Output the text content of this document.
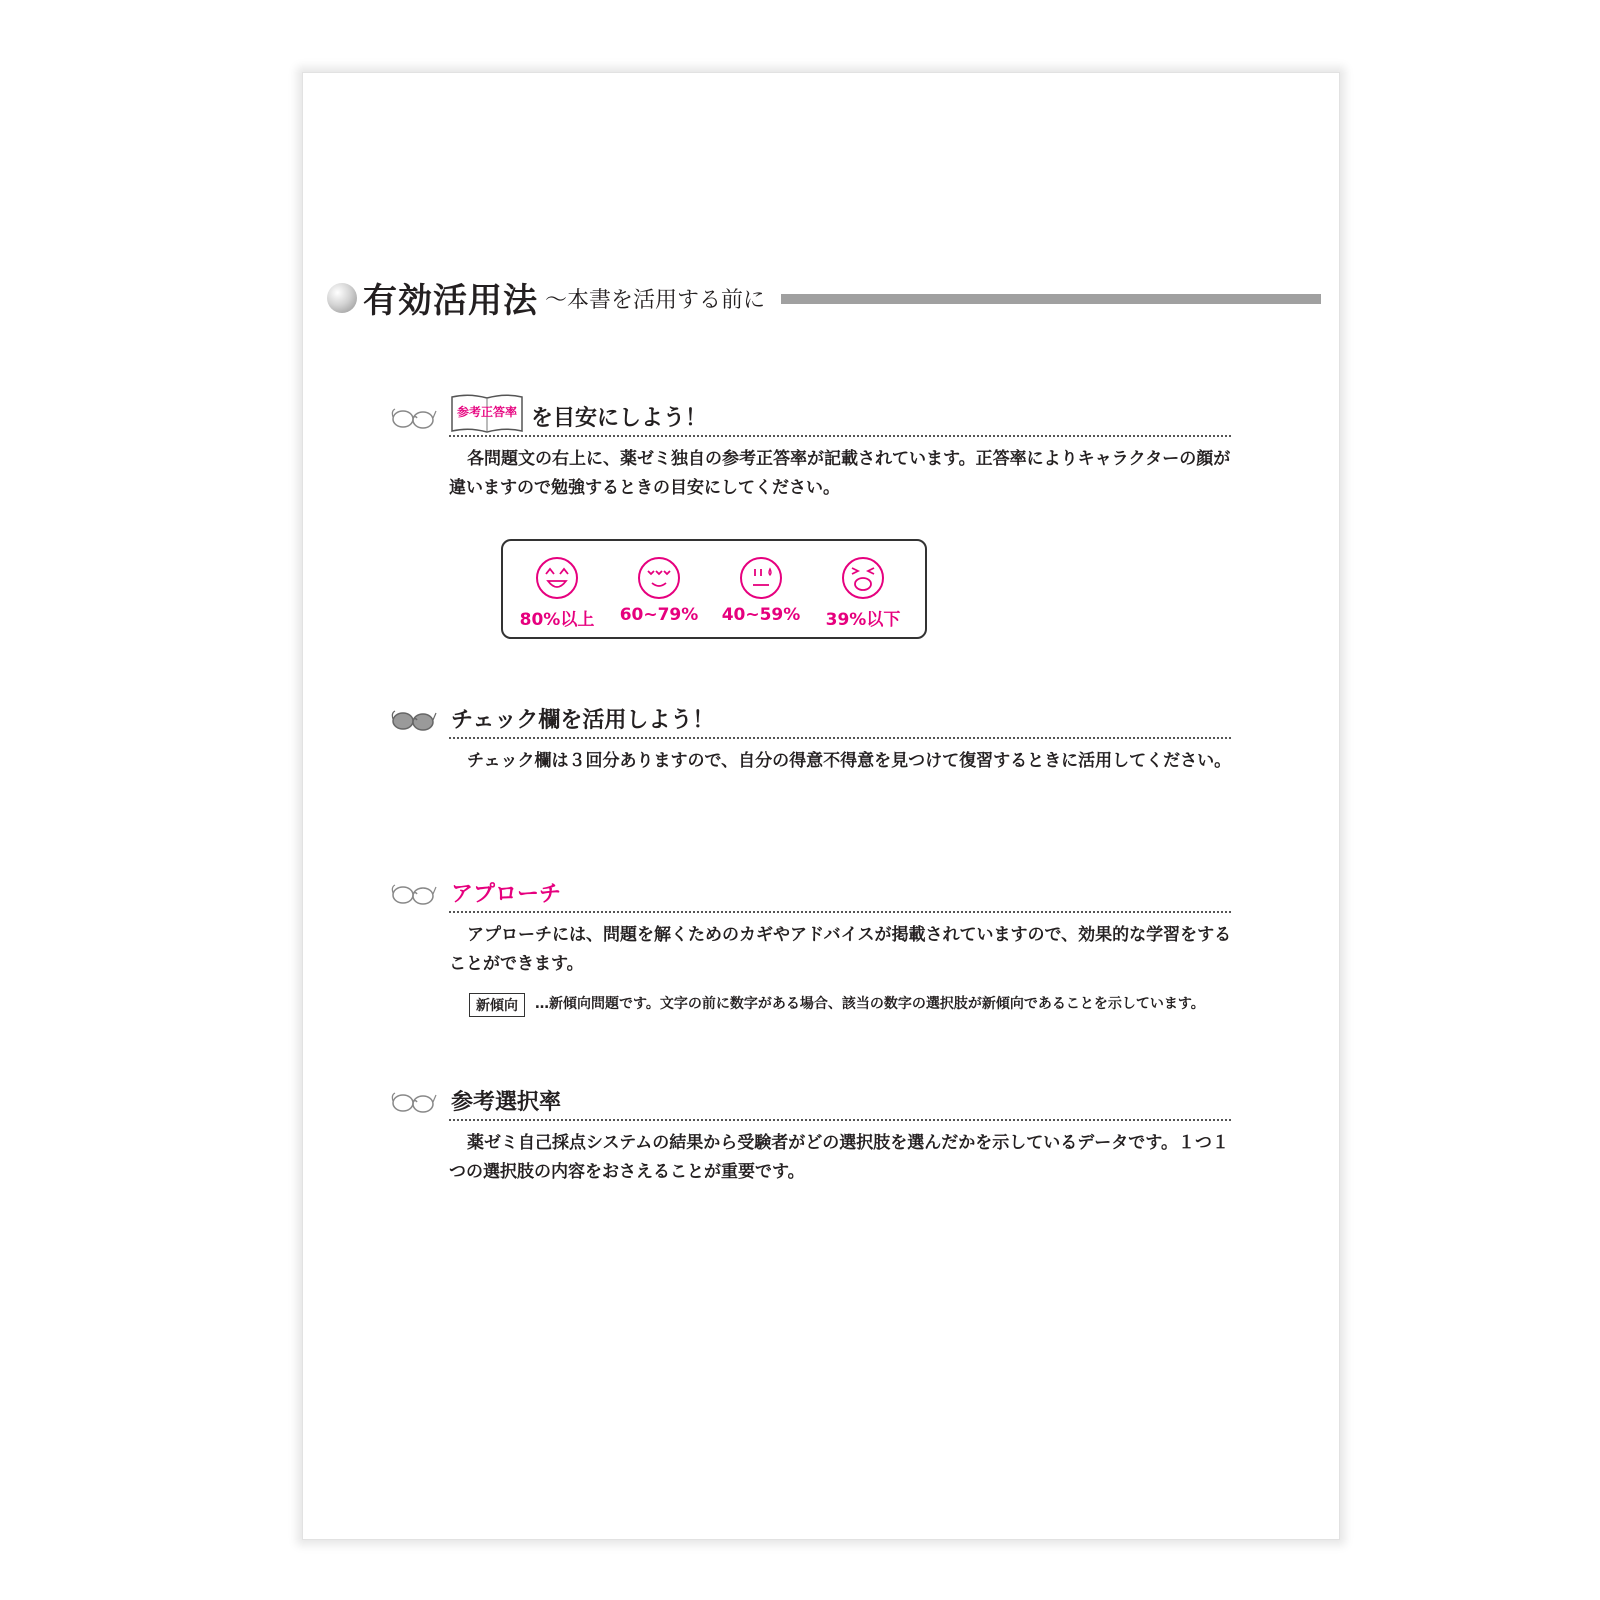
有効活用法 ～本書を活用する前に
参考正答率 を目安にしよう！
各問題文の右上に、薬ゼミ独自の参考正答率が記載されています。正答率によりキャラクターの顔が違いますので勉強するときの目安にしてください。
80%以上	60~79%	40~59%	39%以下
チェック欄を活用しよう！
チェック欄は３回分ありますので、自分の得意不得意を見つけて復習するときに活用してください。
アプローチ
アプローチには、問題を解くためのカギやアドバイスが掲載されていますので、効果的な学習をすることができます。
新傾向	…新傾向問題です。文字の前に数字がある場合、該当の数字の選択肢が新傾向であることを示しています。
参考選択率
薬ゼミ自己採点システムの結果から受験者がどの選択肢を選んだかを示しているデータです。１つ１つの選択肢の内容をおさえることが重要です。
